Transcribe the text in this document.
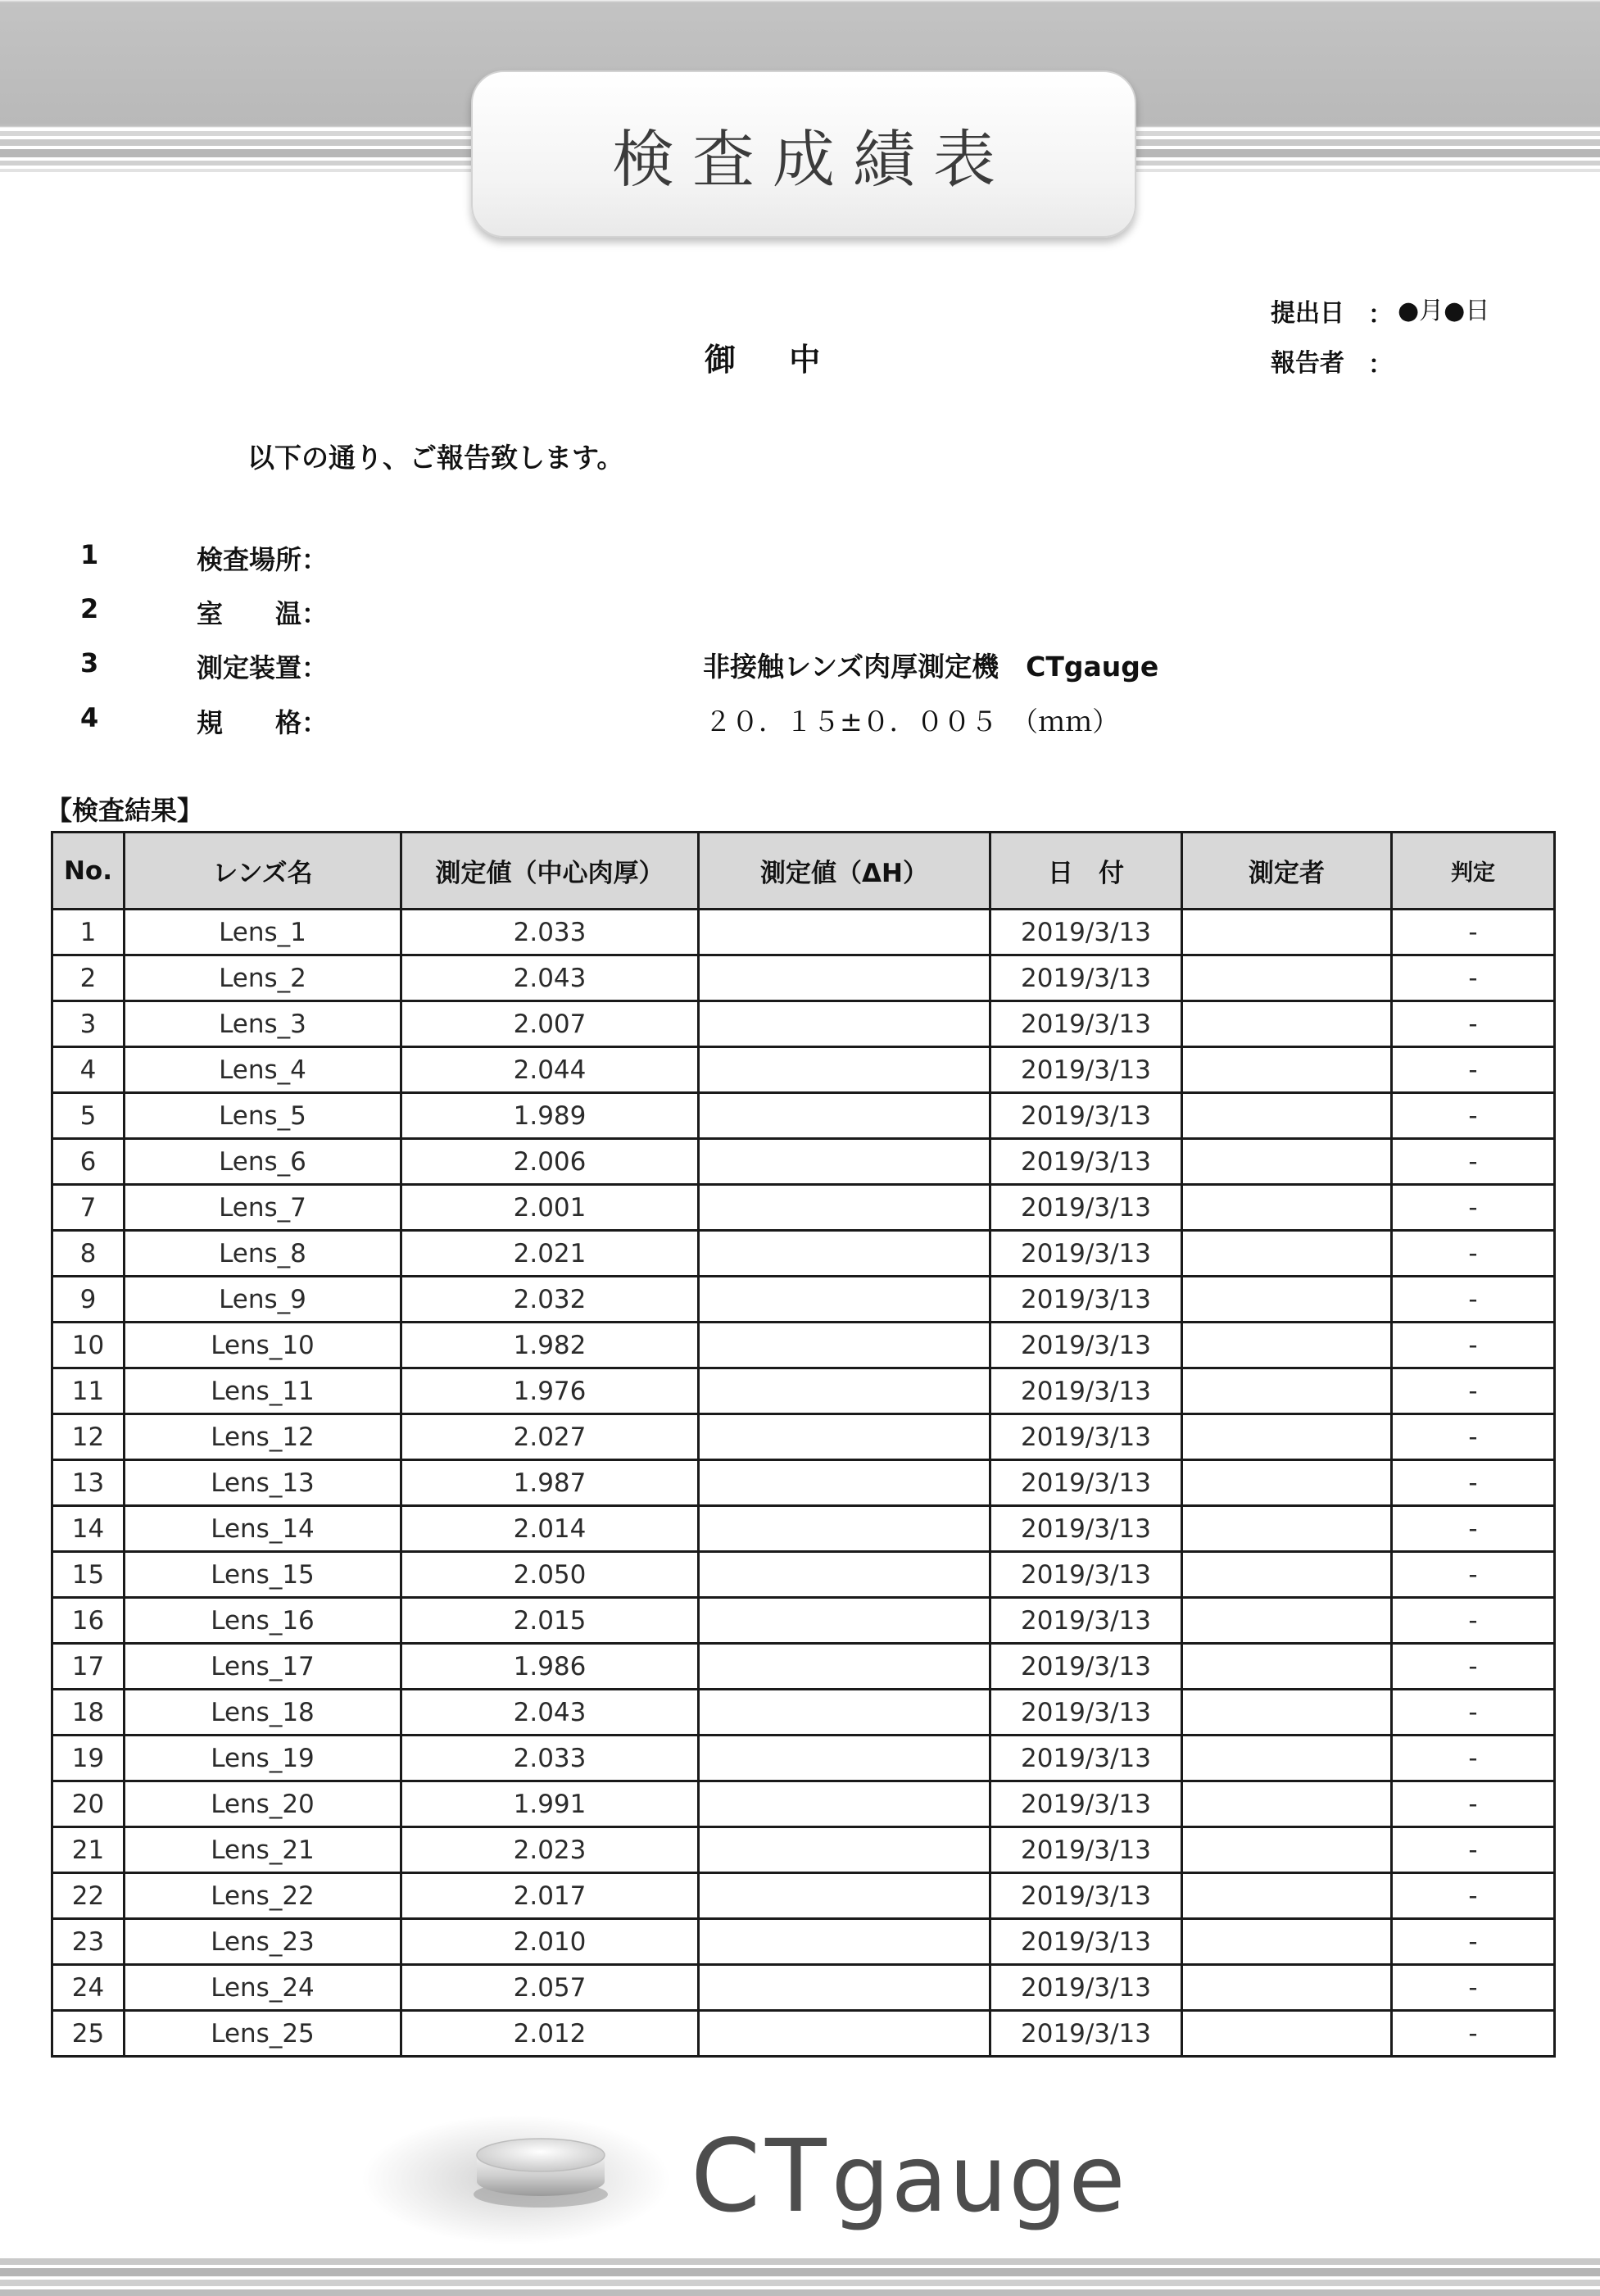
検査成績表
御 中
提出日 ： ●月●日
報告者 ：
以下の通り、ご報告致します。
1	検査場所：
2	室　　温：
3	測定装置：	非接触レンズ肉厚測定機　CTgauge
4	規　　格：	２０．１５±０．００５　（ｍｍ）
【検査結果】
No.	レンズ名	測定値（中心肉厚）	測定値（ΔH）	日　付	測定者	判定
1	Lens_1	2.033		2019/3/13		-
2	Lens_2	2.043		2019/3/13		-
3	Lens_3	2.007		2019/3/13		-
4	Lens_4	2.044		2019/3/13		-
5	Lens_5	1.989		2019/3/13		-
6	Lens_6	2.006		2019/3/13		-
7	Lens_7	2.001		2019/3/13		-
8	Lens_8	2.021		2019/3/13		-
9	Lens_9	2.032		2019/3/13		-
10	Lens_10	1.982		2019/3/13		-
11	Lens_11	1.976		2019/3/13		-
12	Lens_12	2.027		2019/3/13		-
13	Lens_13	1.987		2019/3/13		-
14	Lens_14	2.014		2019/3/13		-
15	Lens_15	2.050		2019/3/13		-
16	Lens_16	2.015		2019/3/13		-
17	Lens_17	1.986		2019/3/13		-
18	Lens_18	2.043		2019/3/13		-
19	Lens_19	2.033		2019/3/13		-
20	Lens_20	1.991		2019/3/13		-
21	Lens_21	2.023		2019/3/13		-
22	Lens_22	2.017		2019/3/13		-
23	Lens_23	2.010		2019/3/13		-
24	Lens_24	2.057		2019/3/13		-
25	Lens_25	2.012		2019/3/13		-
CTgauge
